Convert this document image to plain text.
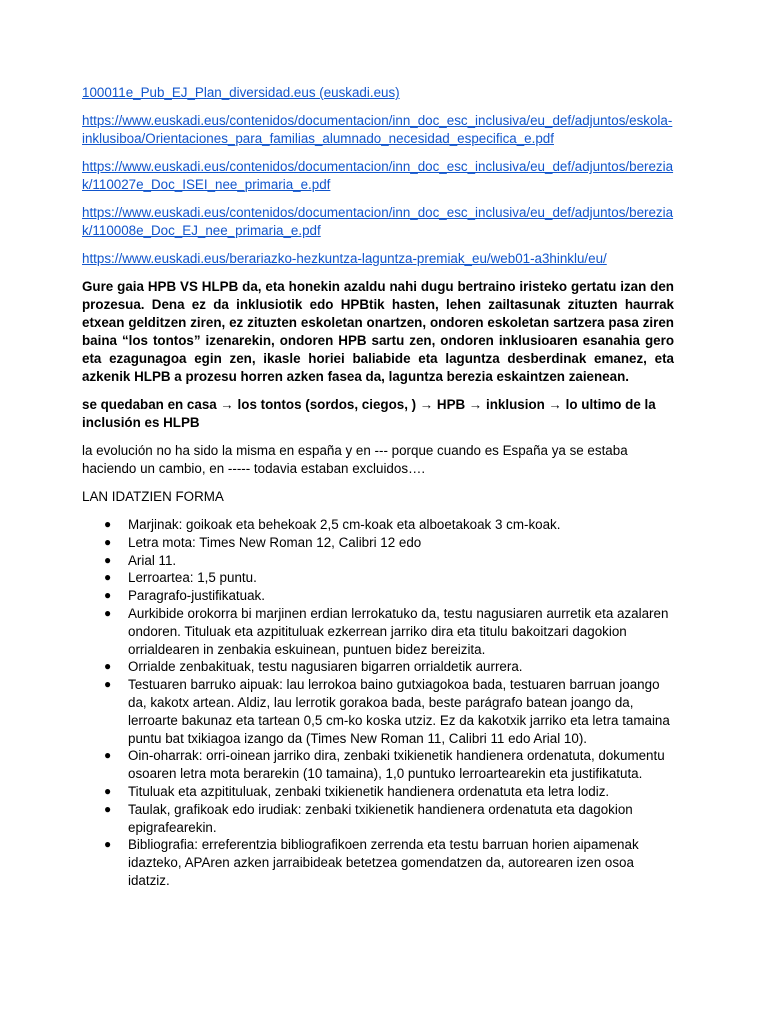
100011e_Pub_EJ_Plan_diversidad.eus (euskadi.eus)
https://www.euskadi.eus/contenidos/documentacion/inn_doc_esc_inclusiva/eu_def/adjuntos/eskola-inklusiboa/Orientaciones_para_familias_alumnado_necesidad_especifica_e.pdf
https://www.euskadi.eus/contenidos/documentacion/inn_doc_esc_inclusiva/eu_def/adjuntos/bereziak/110027e_Doc_ISEI_nee_primaria_e.pdf
https://www.euskadi.eus/contenidos/documentacion/inn_doc_esc_inclusiva/eu_def/adjuntos/bereziak/110008e_Doc_EJ_nee_primaria_e.pdf
https://www.euskadi.eus/berariazko-hezkuntza-laguntza-premiak_eu/web01-a3hinklu/eu/

Gure gaia HPB VS HLPB da, eta honekin azaldu nahi dugu bertraino iristeko gertatu izan den prozesua. Dena ez da inklusiotik edo HPBtik hasten, lehen zailtasunak zituzten haurrak etxean gelditzen ziren, ez zituzten eskoletan onartzen, ondoren eskoletan sartzera pasa ziren baina “los tontos” izenarekin, ondoren HPB sartu zen, ondoren inklusioaren esanahia gero eta ezagunagoa egin zen, ikasle horiei baliabide eta laguntza desberdinak emanez, eta azkenik HLPB a prozesu horren azken fasea da, laguntza berezia eskaintzen zaienean.

se quedaban en casa → los tontos (sordos, ciegos, ) → HPB → inklusion → lo ultimo de la inclusión es HLPB

la evolución no ha sido la misma en españa y en --- porque cuando es España ya se estaba haciendo un cambio, en ----- todavia estaban excluidos….

LAN IDATZIEN FORMA

● Marjinak: goikoak eta behekoak 2,5 cm-koak eta alboetakoak 3 cm-koak.
● Letra mota: Times New Roman 12, Calibri 12 edo
● Arial 11.
● Lerroartea: 1,5 puntu.
● Paragrafo-justifikatuak.
● Aurkibide orokorra bi marjinen erdian lerrokatuko da, testu nagusiaren aurretik eta azalaren ondoren. Tituluak eta azpitituluak ezkerrean jarriko dira eta titulu bakoitzari dagokion orrialdearen in zenbakia eskuinean, puntuen bidez bereizita.
● Orrialde zenbakituak, testu nagusiaren bigarren orrialdetik aurrera.
● Testuaren barruko aipuak: lau lerrokoa baino gutxiagokoa bada, testuaren barruan joango da, kakotx artean. Aldiz, lau lerrotik gorakoa bada, beste parágrafo batean joango da, lerroarte bakunaz eta tartean 0,5 cm-ko koska utziz. Ez da kakotxik jarriko eta letra tamaina puntu bat txikiagoa izango da (Times New Roman 11, Calibri 11 edo Arial 10).
● Oin-oharrak: orri-oinean jarriko dira, zenbaki txikienetik handienera ordenatuta, dokumentu osoaren letra mota berarekin (10 tamaina), 1,0 puntuko lerroartearekin eta justifikatuta.
● Tituluak eta azpitituluak, zenbaki txikienetik handienera ordenatuta eta letra lodiz.
● Taulak, grafikoak edo irudiak: zenbaki txikienetik handienera ordenatuta eta dagokion epigrafearekin.
● Bibliografia: erreferentzia bibliografikoen zerrenda eta testu barruan horien aipamenak idazteko, APAren azken jarraibideak betetzea gomendatzen da, autorearen izen osoa idatziz.
